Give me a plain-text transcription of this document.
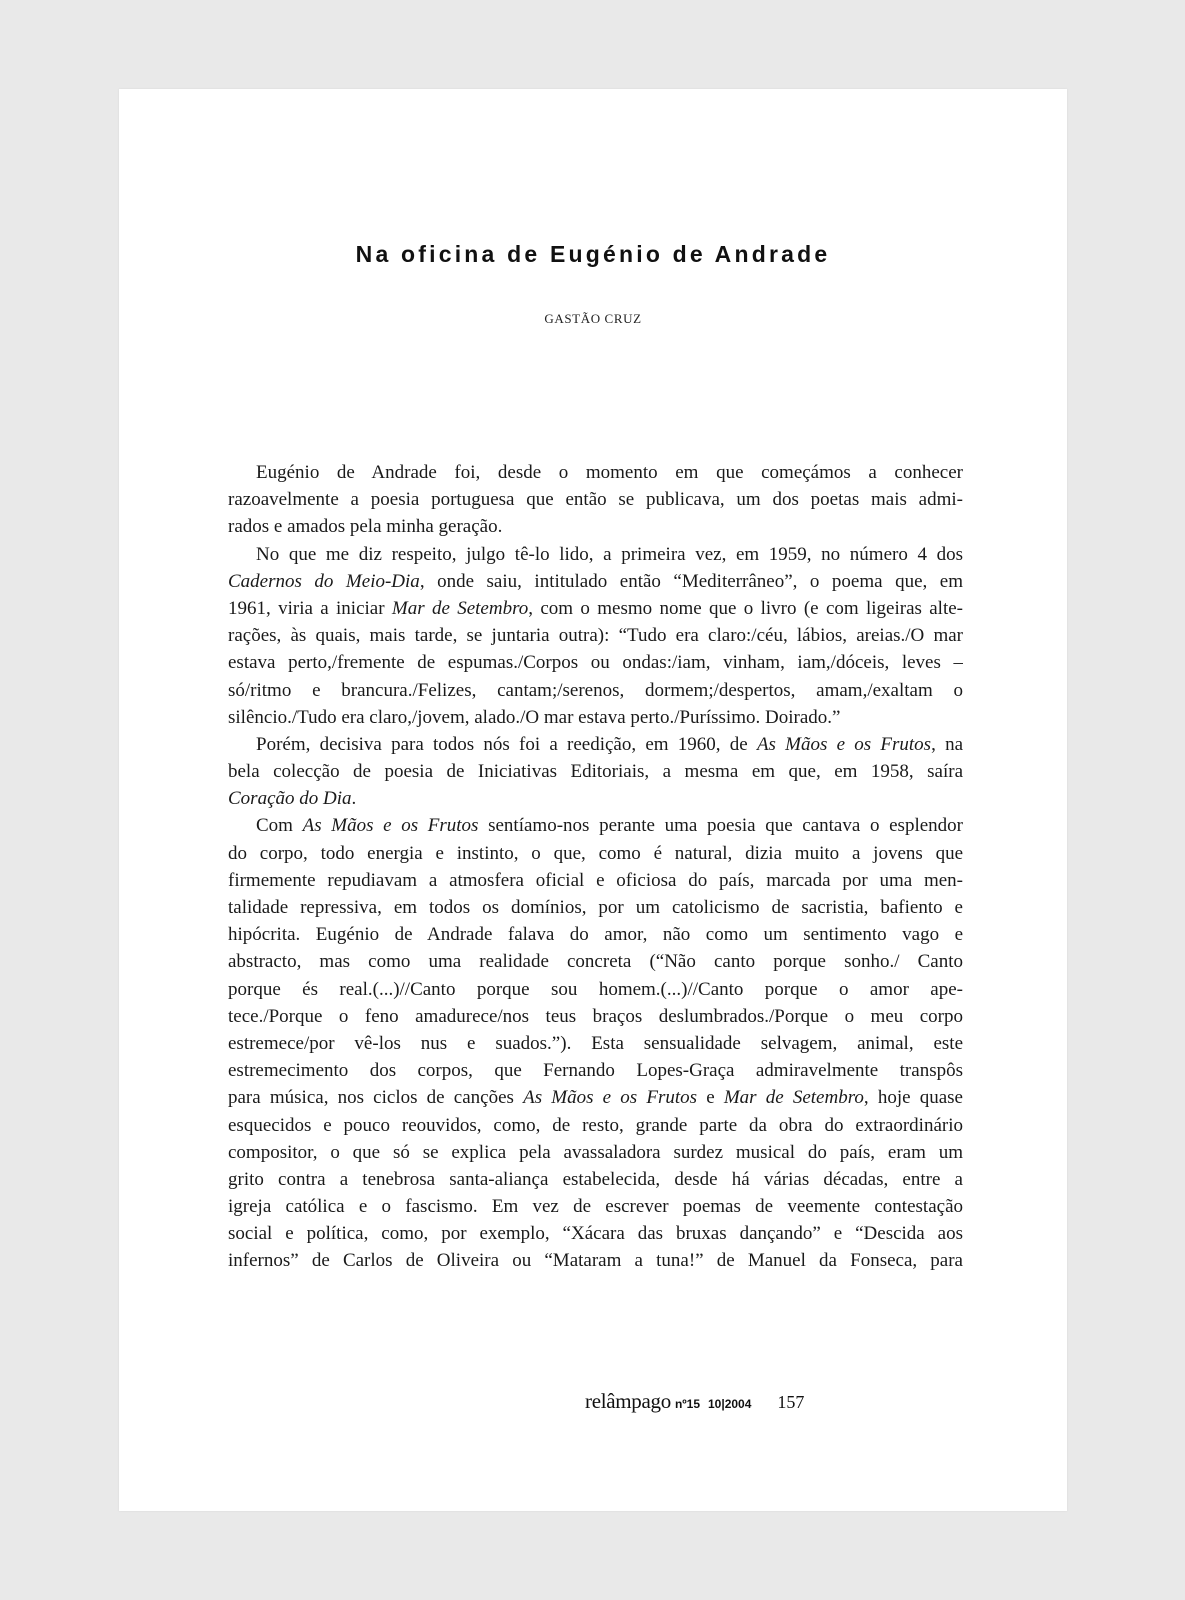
Na oficina de Eugénio de Andrade
GASTÃO CRUZ
Eugénio de Andrade foi, desde o momento em que começámos a conhecer
razoavelmente a poesia portuguesa que então se publicava, um dos poetas mais admi-
rados e amados pela minha geração.
No que me diz respeito, julgo tê-lo lido, a primeira vez, em 1959, no número 4 dos
Cadernos do Meio-Dia, onde saiu, intitulado então “Mediterrâneo”, o poema que, em
1961, viria a iniciar Mar de Setembro, com o mesmo nome que o livro (e com ligeiras alte-
rações, às quais, mais tarde, se juntaria outra): “Tudo era claro:/céu, lábios, areias./O mar
estava perto,/fremente de espumas./Corpos ou ondas:/iam, vinham, iam,/dóceis, leves –
só/ritmo e brancura./Felizes, cantam;/serenos, dormem;/despertos, amam,/exaltam o
silêncio./Tudo era claro,/jovem, alado./O mar estava perto./Puríssimo. Doirado.”
Porém, decisiva para todos nós foi a reedição, em 1960, de As Mãos e os Frutos, na
bela colecção de poesia de Iniciativas Editoriais, a mesma em que, em 1958, saíra
Coração do Dia.
Com As Mãos e os Frutos sentíamo-nos perante uma poesia que cantava o esplendor
do corpo, todo energia e instinto, o que, como é natural, dizia muito a jovens que
firmemente repudiavam a atmosfera oficial e oficiosa do país, marcada por uma men-
talidade repressiva, em todos os domínios, por um catolicismo de sacristia, bafiento e
hipócrita. Eugénio de Andrade falava do amor, não como um sentimento vago e
abstracto, mas como uma realidade concreta (“Não canto porque sonho./ Canto
porque és real.(...)//Canto porque sou homem.(...)//Canto porque o amor ape-
tece./Porque o feno amadurece/nos teus braços deslumbrados./Porque o meu corpo
estremece/por vê-los nus e suados.”). Esta sensualidade selvagem, animal, este
estremecimento dos corpos, que Fernando Lopes-Graça admiravelmente transpôs
para música, nos ciclos de canções As Mãos e os Frutos e Mar de Setembro, hoje quase
esquecidos e pouco reouvidos, como, de resto, grande parte da obra do extraordinário
compositor, o que só se explica pela avassaladora surdez musical do país, eram um
grito contra a tenebrosa santa-aliança estabelecida, desde há várias décadas, entre a
igreja católica e o fascismo. Em vez de escrever poemas de veemente contestação
social e política, como, por exemplo, “Xácara das bruxas dançando” e “Descida aos
infernos” de Carlos de Oliveira ou “Mataram a tuna!” de Manuel da Fonseca, para
relâmpago nº15 10|2004 157
